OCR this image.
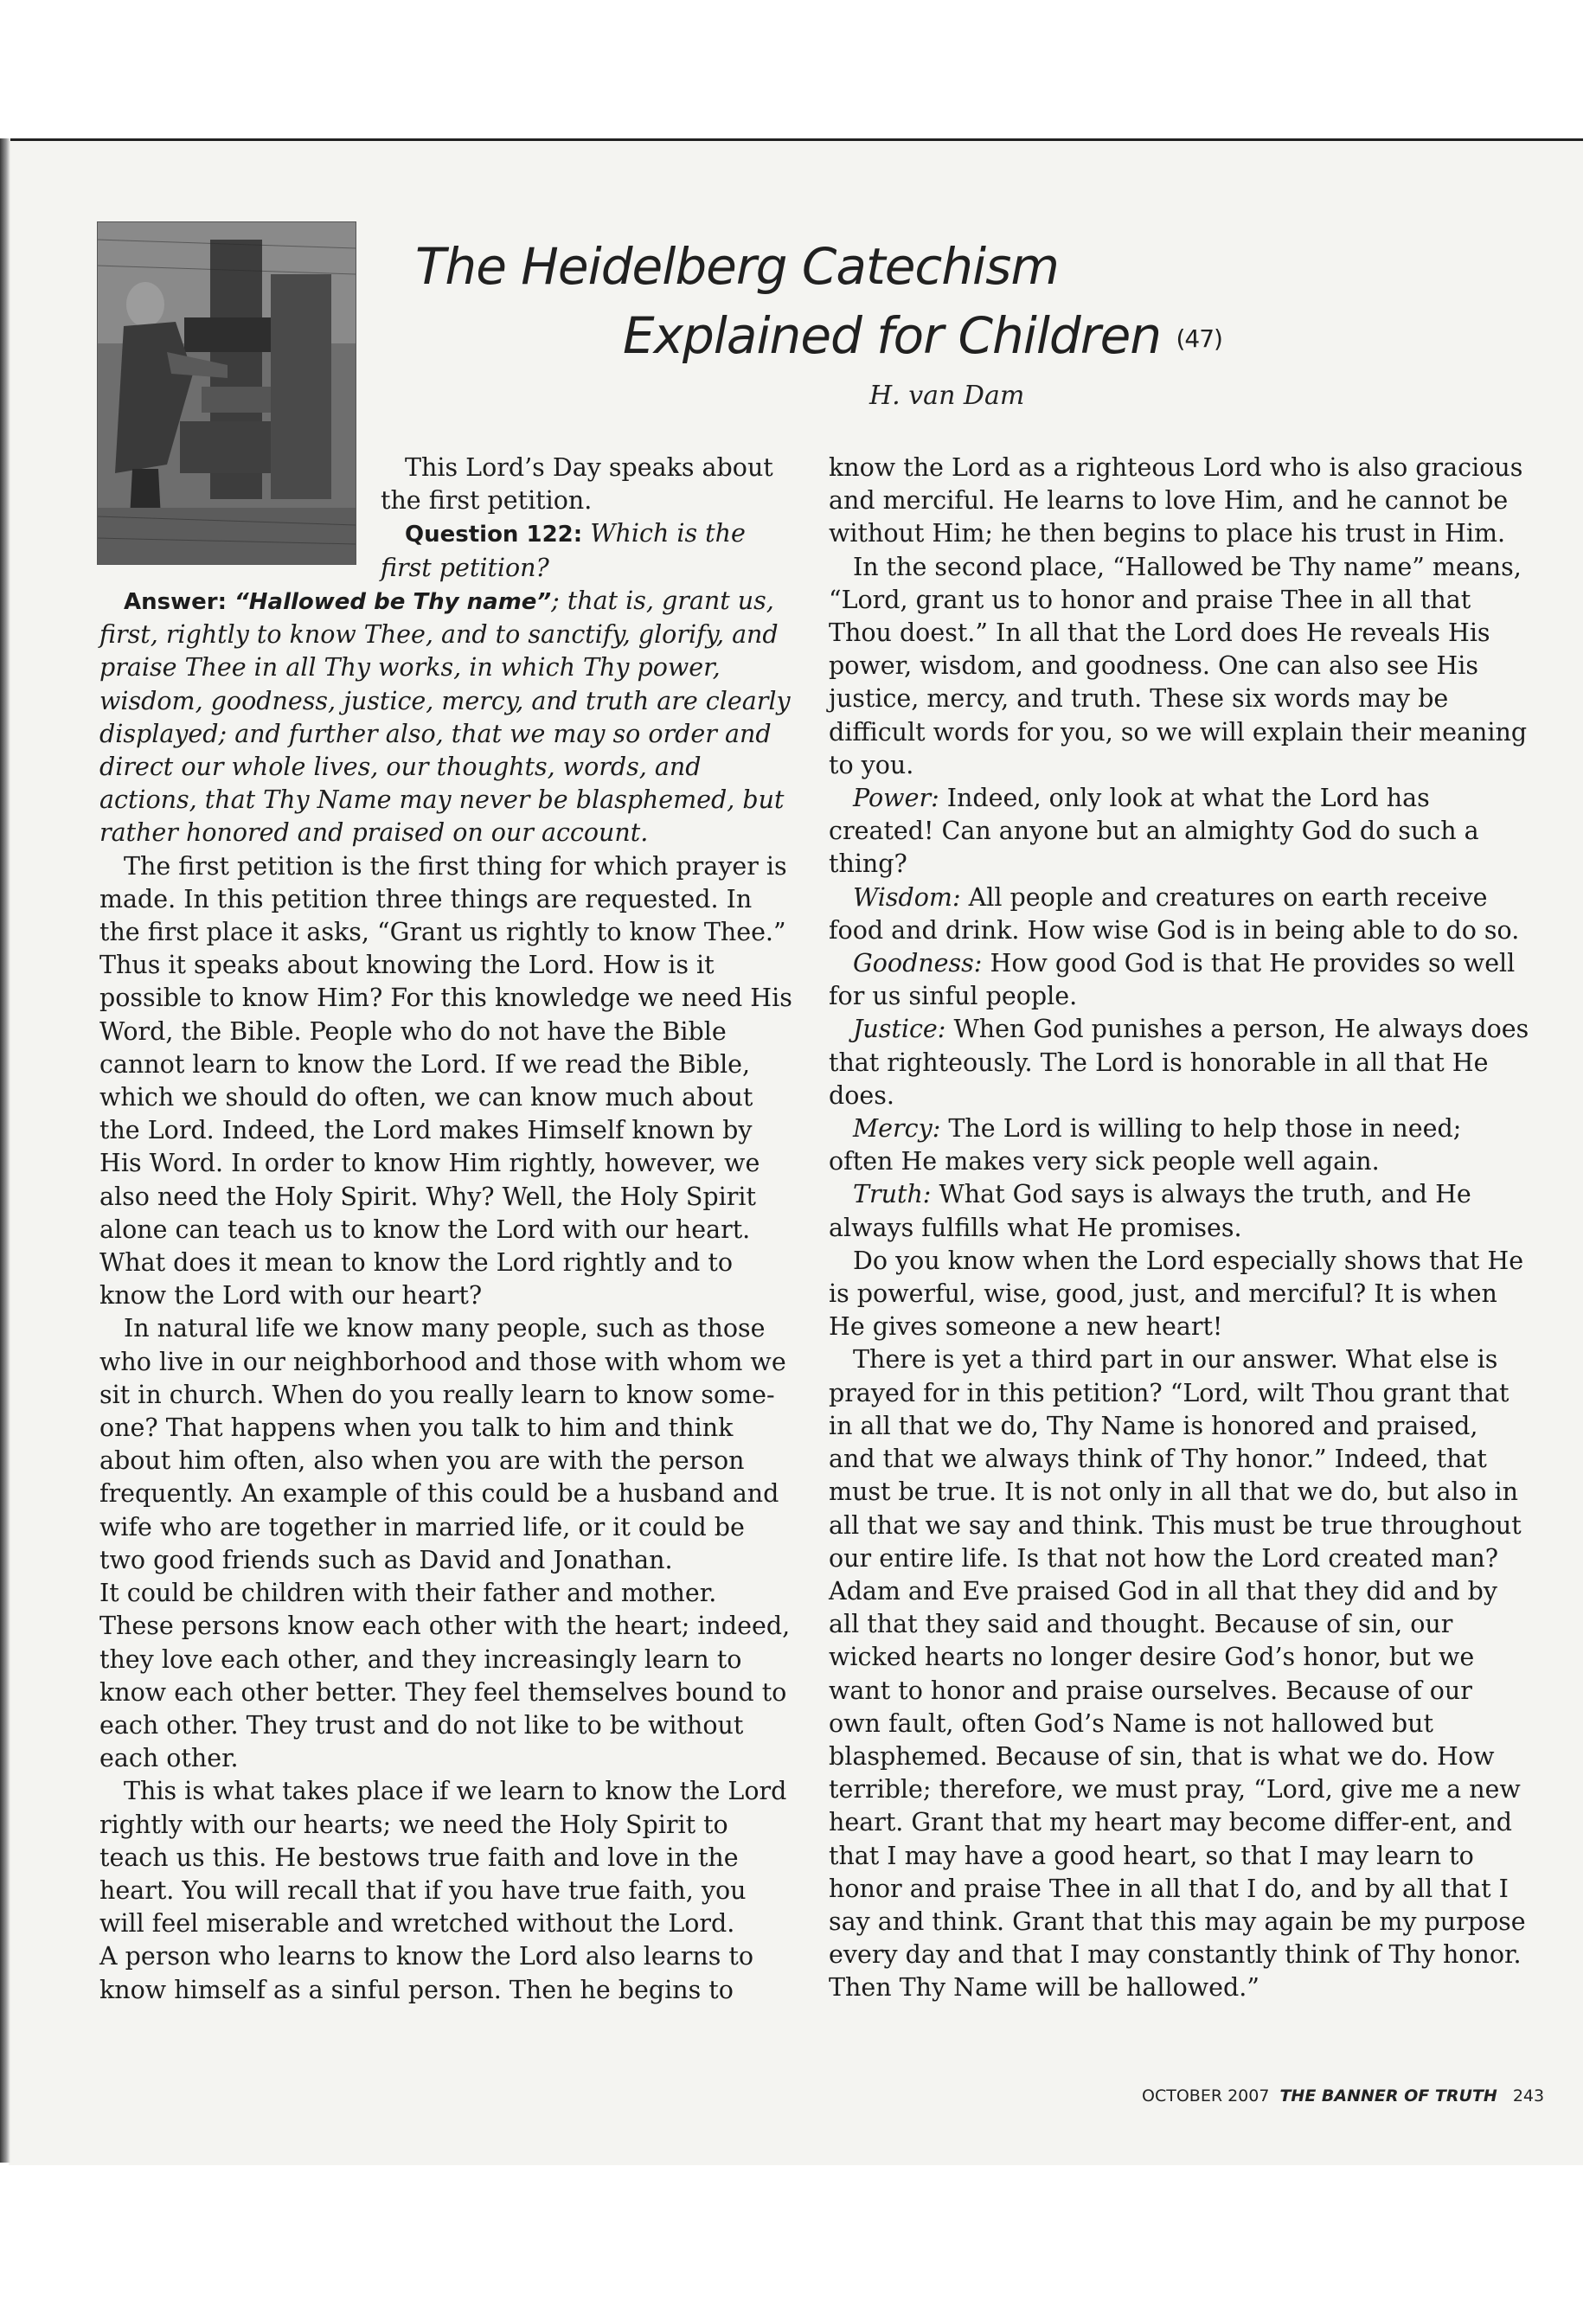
The Heidelberg Catechism
Explained for Children (47)
H. van Dam

This Lord’s Day speaks about the first petition.

Question 122: Which is the first petition?

Answer: “Hallowed be Thy name”; that is, grant us, first, rightly to know Thee, and to sanctify, glorify, and praise Thee in all Thy works, in which Thy power, wisdom, goodness, justice, mercy, and truth are clearly displayed; and further also, that we may so order and direct our whole lives, our thoughts, words, and actions, that Thy Name may never be blasphemed, but rather honored and praised on our account.

The first petition is the first thing for which prayer is made. In this petition three things are requested. In the first place it asks, “Grant us rightly to know Thee.” Thus it speaks about knowing the Lord. How is it possible to know Him? For this knowledge we need His Word, the Bible. People who do not have the Bible cannot learn to know the Lord. If we read the Bible, which we should do often, we can know much about the Lord. Indeed, the Lord makes Himself known by His Word. In order to know Him rightly, however, we also need the Holy Spirit. Why? Well, the Holy Spirit alone can teach us to know the Lord with our heart. What does it mean to know the Lord rightly and to know the Lord with our heart?

In natural life we know many people, such as those who live in our neighborhood and those with whom we sit in church. When do you really learn to know some-one? That happens when you talk to him and think about him often, also when you are with the person frequently. An example of this could be a husband and wife who are together in married life, or it could be two good friends such as David and Jonathan.

It could be children with their father and mother. These persons know each other with the heart; indeed, they love each other, and they increasingly learn to know each other better. They feel themselves bound to each other. They trust and do not like to be without each other.

This is what takes place if we learn to know the Lord rightly with our hearts; we need the Holy Spirit to teach us this. He bestows true faith and love in the heart. You will recall that if you have true faith, you will feel miserable and wretched without the Lord.

A person who learns to know the Lord also learns to know himself as a sinful person. Then he begins to

know the Lord as a righteous Lord who is also gracious and merciful. He learns to love Him, and he cannot be without Him; he then begins to place his trust in Him.

In the second place, “Hallowed be Thy name” means, “Lord, grant us to honor and praise Thee in all that Thou doest.” In all that the Lord does He reveals His power, wisdom, and goodness. One can also see His justice, mercy, and truth. These six words may be difficult words for you, so we will explain their meaning to you.

Power: Indeed, only look at what the Lord has created! Can anyone but an almighty God do such a thing?

Wisdom: All people and creatures on earth receive food and drink. How wise God is in being able to do so.

Goodness: How good God is that He provides so well for us sinful people.

Justice: When God punishes a person, He always does that righteously. The Lord is honorable in all that He does.

Mercy: The Lord is willing to help those in need; often He makes very sick people well again.

Truth: What God says is always the truth, and He always fulfills what He promises.

Do you know when the Lord especially shows that He is powerful, wise, good, just, and merciful? It is when He gives someone a new heart!

There is yet a third part in our answer. What else is prayed for in this petition? “Lord, wilt Thou grant that in all that we do, Thy Name is honored and praised, and that we always think of Thy honor.” Indeed, that must be true. It is not only in all that we do, but also in all that we say and think. This must be true throughout our entire life. Is that not how the Lord created man? Adam and Eve praised God in all that they did and by all that they said and thought. Because of sin, our wicked hearts no longer desire God’s honor, but we want to honor and praise ourselves. Because of our own fault, often God’s Name is not hallowed but blasphemed. Because of sin, that is what we do. How terrible; therefore, we must pray, “Lord, give me a new heart. Grant that my heart may become differ-ent, and that I may have a good heart, so that I may learn to honor and praise Thee in all that I do, and by all that I say and think. Grant that this may again be my purpose every day and that I may constantly think of Thy honor. Then Thy Name will be hallowed.”

OCTOBER 2007 THE BANNER OF TRUTH 243
